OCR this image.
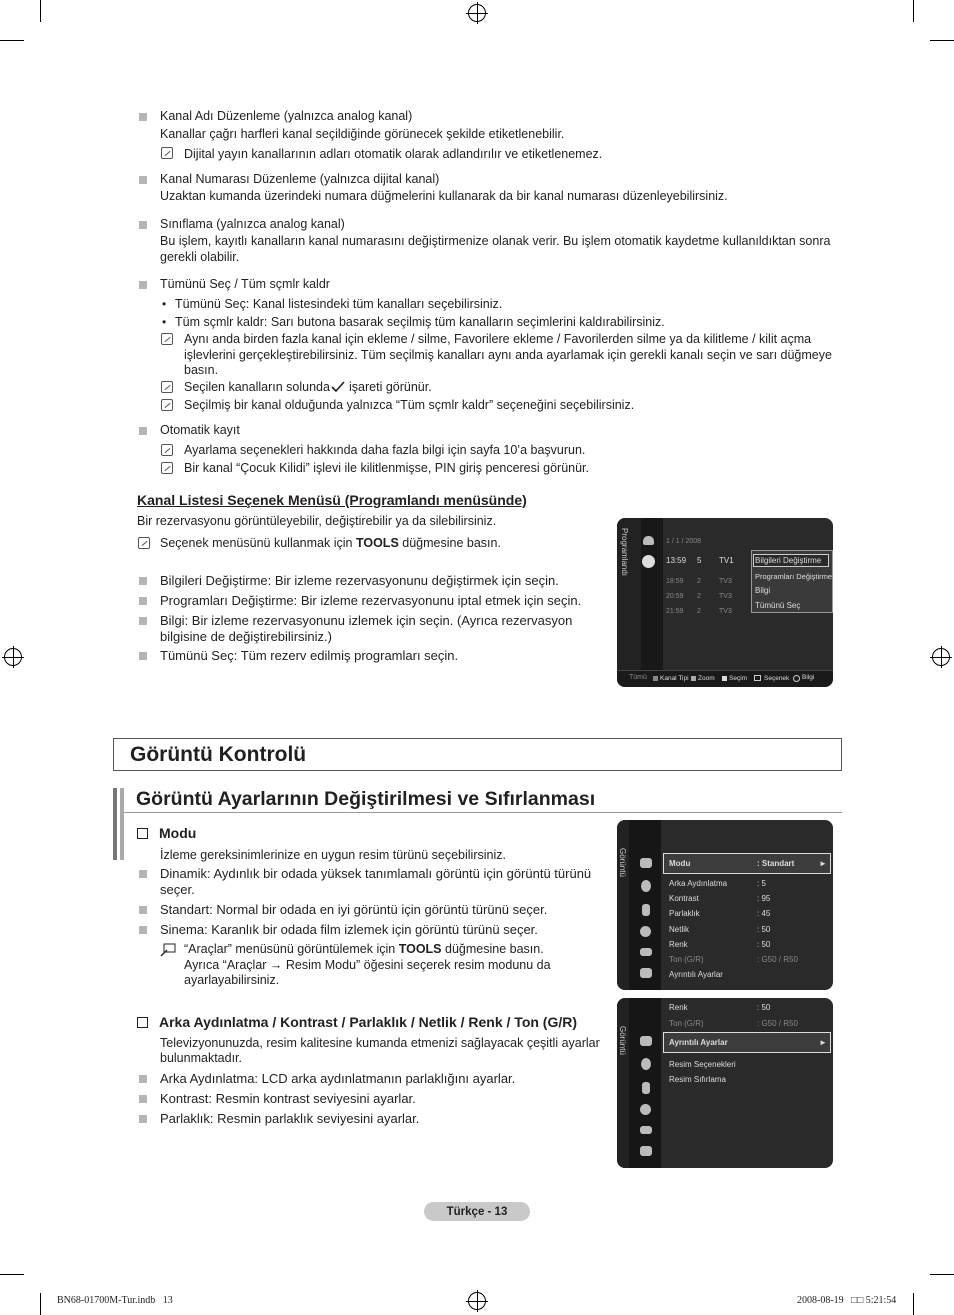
Kanal Adı Düzenleme (yalnızca analog kanal)
Kanallar çağrı harfleri kanal seçildiğinde görünecek şekilde etiketlenebilir.
Dijital yayın kanallarının adları otomatik olarak adlandırılır ve etiketlenemez.
Kanal Numarası Düzenleme (yalnızca dijital kanal)
Uzaktan kumanda üzerindeki numara düğmelerini kullanarak da bir kanal numarası düzenleyebilirsiniz.
Sınıflama (yalnızca analog kanal)
Bu işlem, kayıtlı kanalların kanal numarasını değiştirmenize olanak verir. Bu işlem otomatik kaydetme kullanıldıktan sonra
gerekli olabilir.
Tümünü Seç / Tüm sçmlr kaldr
• Tümünü Seç: Kanal listesindeki tüm kanalları seçebilirsiniz.
• Tüm sçmlr kaldr: Sarı butona basarak seçilmiş tüm kanalların seçimlerini kaldırabilirsiniz.
Aynı anda birden fazla kanal için ekleme / silme, Favorilere ekleme / Favorilerden silme ya da kilitleme / kilit açma
işlevlerini gerçekleştirebilirsiniz. Tüm seçilmiş kanalları aynı anda ayarlamak için gerekli kanalı seçin ve sarı düğmeye
basın.
Seçilen kanalların solunda işareti görünür.
Seçilmiş bir kanal olduğunda yalnızca “Tüm sçmlr kaldr” seçeneğini seçebilirsiniz.
Otomatik kayıt
Ayarlama seçenekleri hakkında daha fazla bilgi için sayfa 10’a başvurun.
Bir kanal “Çocuk Kilidi” işlevi ile kilitlenmişse, PIN giriş penceresi görünür.
Kanal Listesi Seçenek Menüsü (Programlandı menüsünde)
Bir rezervasyonu görüntüleyebilir, değiştirebilir ya da silebilirsiniz.
Seçenek menüsünü kullanmak için TOOLS düğmesine basın.
Bilgileri Değiştirme: Bir izleme rezervasyonunu değiştirmek için seçin.
Programları Değiştirme: Bir izleme rezervasyonunu iptal etmek için seçin.
Bilgi: Bir izleme rezervasyonunu izlemek için seçin. (Ayrıca rezervasyon
bilgisine de değiştirebilirsiniz.)
Tümünü Seç: Tüm rezerv edilmiş programları seçin.
Programlandı	1 / 1 / 2008
13:59 5 TV1
18:59 2	TV3
20:59 2	TV3
21:59 2	TV3
Bilgileri Değiştirme
Programları Değiştirme
Bilgi
Tümünü Seç
Tümü Kanal Tipi Zoom Seçim	Seçenek Bilgi
Görüntü Kontrolü
Görüntü Ayarlarının Değiştirilmesi ve Sıfırlanması
Modu
İzleme gereksinimlerinize en uygun resim türünü seçebilirsiniz.
Dinamik: Aydınlık bir odada yüksek tanımlamalı görüntü için görüntü türünü
seçer.
Standart: Normal bir odada en iyi görüntü için görüntü türünü seçer.
Sinema: Karanlık bir odada film izlemek için görüntü türünü seçer.
“Araçlar” menüsünü görüntülemek için TOOLS düğmesine basın.
Ayrıca “Araçlar → Resim Modu” öğesini seçerek resim modunu da
ayarlayabilirsiniz.
Arka Aydınlatma / Kontrast / Parlaklık / Netlik / Renk / Ton (G/R)
Televizyonunuzda, resim kalitesine kumanda etmenizi sağlayacak çeşitli ayarlar
bulunmaktadır.
Arka Aydınlatma: LCD arka aydınlatmanın parlaklığını ayarlar.
Kontrast: Resmin kontrast seviyesini ayarlar.
Parlaklık: Resmin parlaklık seviyesini ayarlar.
Görüntü	Modu	: Standart	►
Arka Aydınlatma	: 5
Kontrast	: 95
Parlaklık	: 45
Netlik	: 50
Renk	: 50
Ton (G/R)	: G50 / R50
Ayrıntılı Ayarlar
Görüntü
Renk	: 50
Ton (G/R)	: G50 / R50
Ayrıntılı Ayarlar	►
Resim Seçenekleri
Resim Sıfırlama
Türkçe - 13
BN68-01700M-Tur.indb   13	2008-08-19   □□ 5:21:54
